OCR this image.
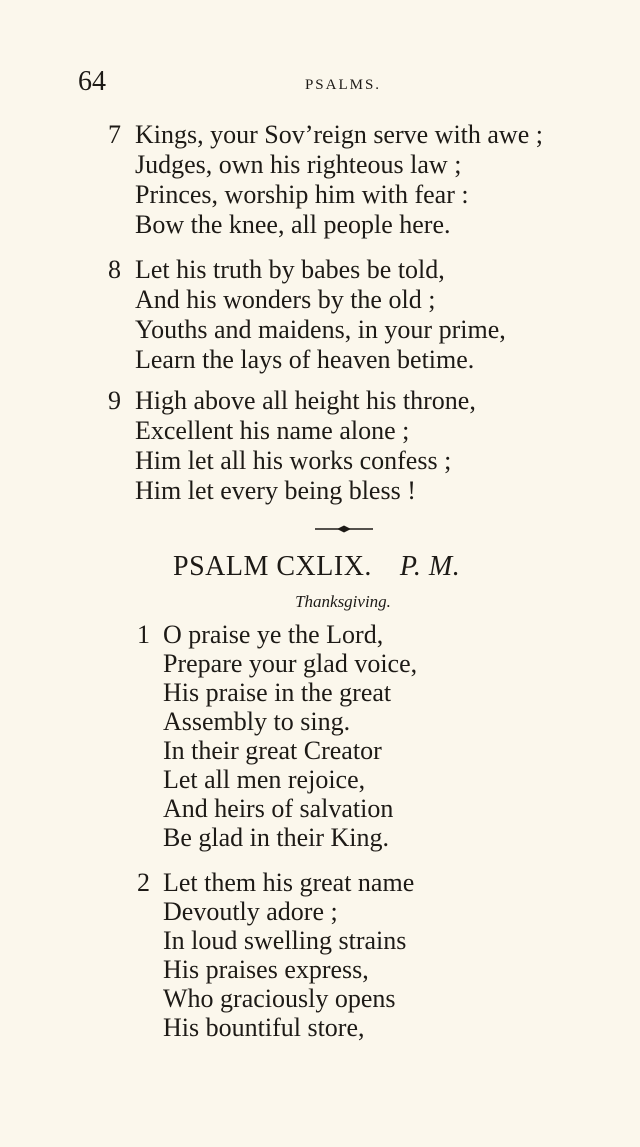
64	PSALMS.
7 Kings, your Sov’reign serve with awe ;
Judges, own his righteous law ;
Princes, worship him with fear :
Bow the knee, all people here.
8 Let his truth by babes be told,
And his wonders by the old ;
Youths and maidens, in your prime,
Learn the lays of heaven betime.
9 High above all height his throne,
Excellent his name alone ;
Him let all his works confess ;
Him let every being bless !
PSALM CXLIX. P. M.
Thanksgiving.
1 O praise ye the Lord,
Prepare your glad voice,
His praise in the great
Assembly to sing.
In their great Creator
Let all men rejoice,
And heirs of salvation
Be glad in their King.
2 Let them his great name
Devoutly adore ;
In loud swelling strains
His praises express,
Who graciously opens
His bountiful store,
